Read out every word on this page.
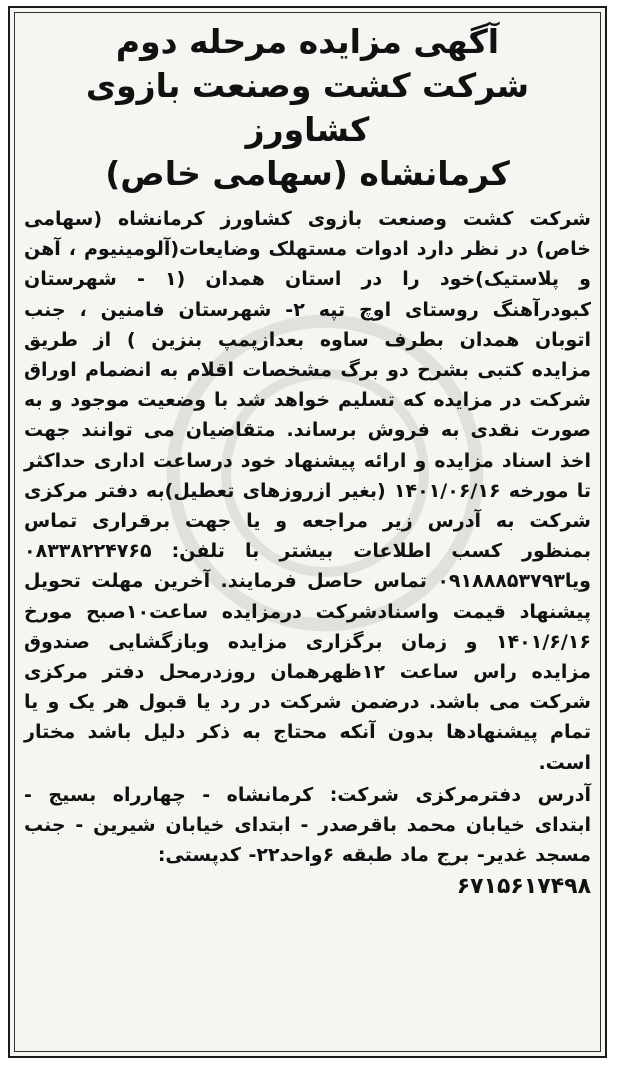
آگهی مزایده مرحله دوم
شرکت کشت وصنعت بازوی کشاورز
کرمانشاه (سهامی خاص)

شرکت کشت وصنعت بازوی کشاورز کرمانشاه (سهامی خاص) در نظر دارد ادوات مستهلک وضایعات(آلومینیوم ، آهن و پلاستیک)خود را در استان همدان (۱ - شهرستان کبودرآهنگ روستای اوچ تپه ۲- شهرستان فامنین ، جنب اتوبان همدان بطرف ساوه بعدازپمپ بنزین ) از طریق مزایده کتبی بشرح دو برگ مشخصات اقلام به انضمام اوراق شرکت در مزایده که تسلیم خواهد شد با وضعیت موجود و به صورت نقدی به فروش برساند. متقاضیان می توانند جهت اخذ اسناد مزایده و ارائه پیشنهاد خود درساعت اداری حداکثر تا مورخه ۱۴۰۱/۰۶/۱۶ (بغیر ازروزهای تعطیل)به دفتر مرکزی شرکت به آدرس زیر مراجعه و یا جهت برقراری تماس بمنظور کسب اطلاعات بیشتر با تلفن: ۰۸۳۳۸۲۲۴۷۶۵ ویا۰۹۱۸۸۸۵۳۷۹۳ تماس حاصل فرمایند. آخرین مهلت تحویل پیشنهاد قیمت واسنادشرکت درمزایده ساعت۱۰صبح مورخ ۱۴۰۱/۶/۱۶ و زمان برگزاری مزایده وبازگشایی صندوق مزایده راس ساعت ۱۲ظهرهمان روزدرمحل دفتر مرکزی شرکت می باشد. درضمن شرکت در رد یا قبول هر یک و یا تمام پیشنهادها بدون آنکه محتاج به ذکر دلیل باشد مختار است.

آدرس دفترمرکزی شرکت: کرمانشاه - چهارراه بسیج - ابتدای خیابان محمد باقرصدر - ابتدای خیابان شیرین - جنب مسجد غدیر- برج ماد طبقه ۶واحد۲۲- کدپستی:

۶۷۱۵۶۱۷۴۹۸
